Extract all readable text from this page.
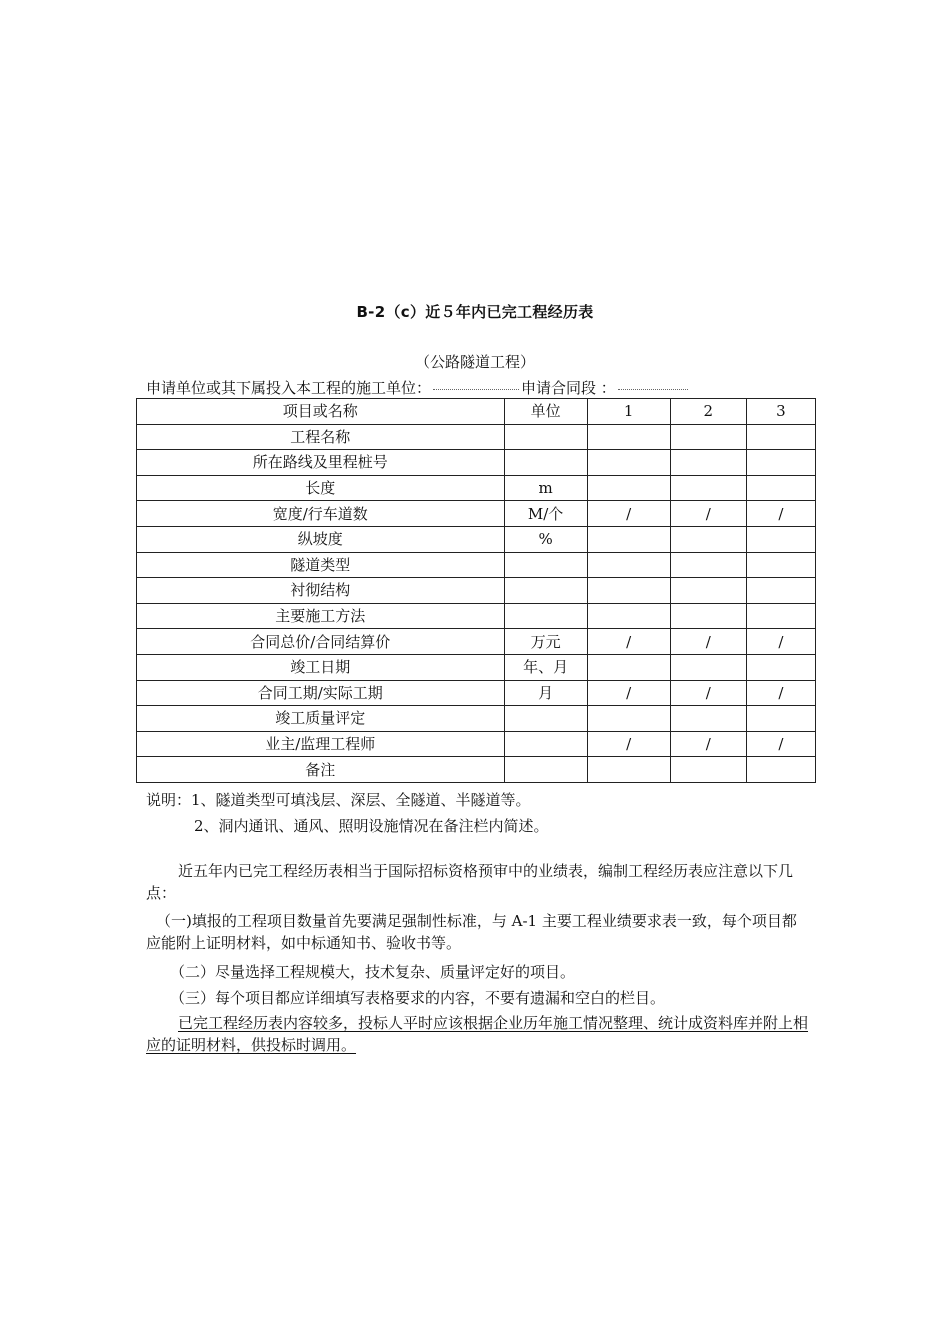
B-2（c）近５年内已完工程经历表
（公路隧道工程）
申请单位或其下属投入本工程的施工单位：	申请合同段 ：
项目或名称	单位	1	2	3
工程名称				
所在路线及里程桩号				
长度	m			
宽度/行车道数	M/个	/	/	/
纵坡度	%			
隧道类型				
衬彻结构				
主要施工方法				
合同总价/合同结算价	万元	/	/	/
竣工日期	年、月			
合同工期/实际工期	月	/	/	/
竣工质量评定				
业主/监理工程师		/	/	/
备注				
说明：1、隧道类型可填浅层、深层、全隧道、半隧道等。
2、洞内通讯、通风、照明设施情况在备注栏内简述。
近五年内已完工程经历表相当于国际招标资格预审中的业绩表，编制工程经历表应注意以下几点：
（一)填报的工程项目数量首先要满足强制性标准，与 A-1 主要工程业绩要求表一致，每个项目都应能附上证明材料，如中标通知书、验收书等。
（二）尽量选择工程规模大，技术复杂、质量评定好的项目。
（三）每个项目都应详细填写表格要求的内容，不要有遗漏和空白的栏目。
已完工程经历表内容较多，投标人平时应该根据企业历年施工情况整理、统计成资料库并附上相应的证明材料，供投标时调用。
